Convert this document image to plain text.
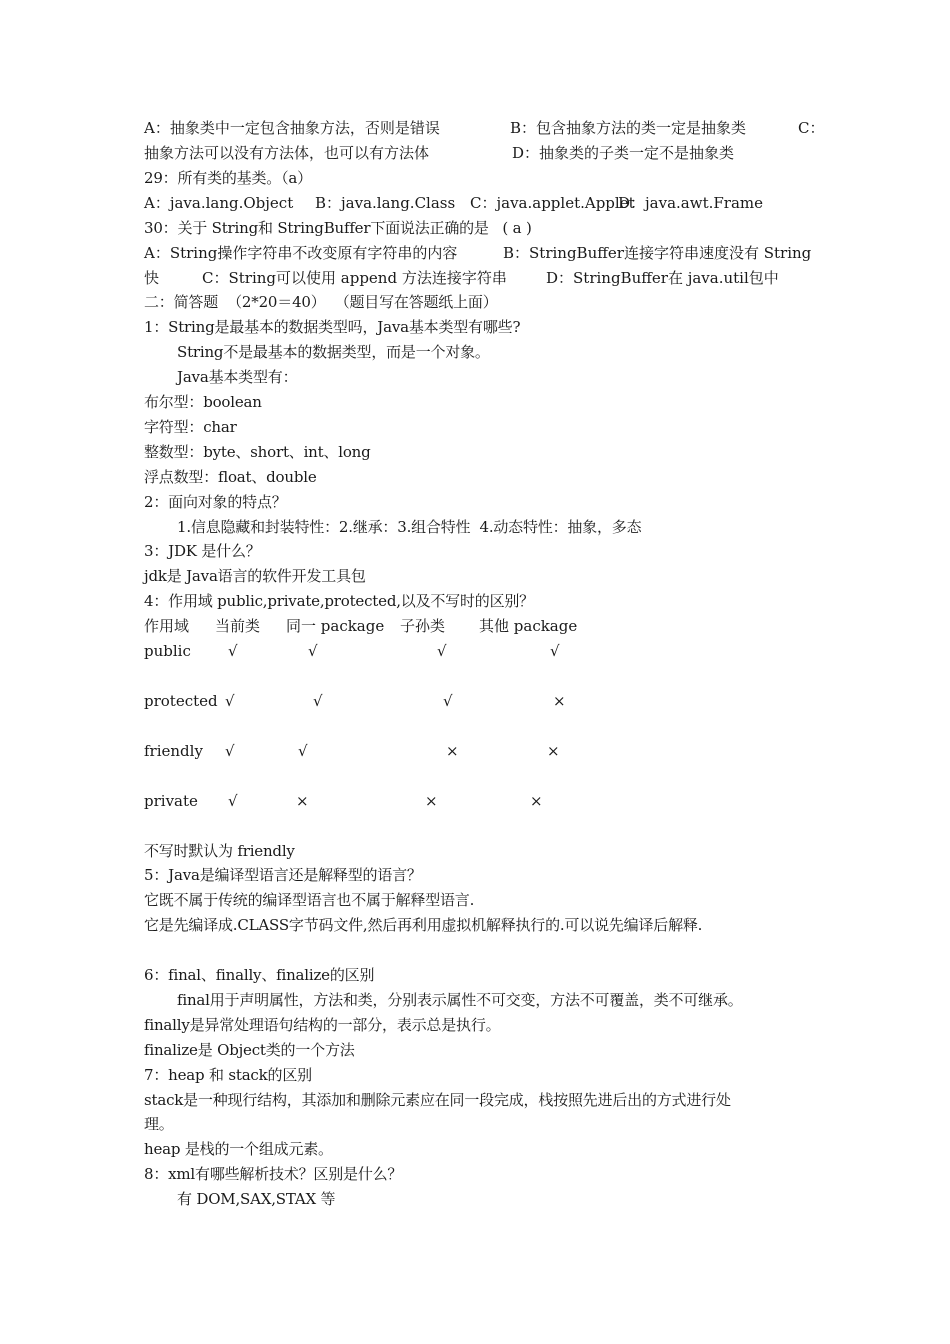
A：抽象类中一定包含抽象方法，否则是错误	B：包含抽象方法的类一定是抽象类	C：
抽象方法可以没有方法体，也可以有方法体	D：抽象类的子类一定不是抽象类
29：所有类的基类。（a）
A：java.lang.Object B：java.lang.Class C：java.applet.Applet
D：java.awt.Frame
30：关于 String和 StringBuffer下面说法正确的是   ( a )
A：String操作字符串不改变原有字符串的内容	B：StringBuffer连接字符串速度没有 String
快	C：String可以使用 append 方法连接字符串	D：StringBuffer在 java.util包中
二：简答题  （2*20＝40）  （题目写在答题纸上面）
1：String是最基本的数据类型吗，Java基本类型有哪些?
String不是最基本的数据类型，而是一个对象。
Java基本类型有：
布尔型：boolean
字符型：char
整数型：byte、short、int、long
浮点数型：float、double
2：面向对象的特点？
1.信息隐藏和封装特性：2.继承：3.组合特性  4.动态特性：抽象，多态
3：JDK 是什么？
jdk是 Java语言的软件开发工具包
4：作用域 public,private,protected,以及不写时的区别？
作用域 当前类 同一 package 子孙类 其他 package
public √	√	√	√
protected √	√	√	×
friendly √	√	×	×
private √	×	×	×
不写时默认为 friendly
5：Java是编译型语言还是解释型的语言？
它既不属于传统的编译型语言也不属于解释型语言.
它是先编译成.CLASS字节码文件,然后再利用虚拟机解释执行的.可以说先编译后解释.
6：final、finally、finalize的区别
final用于声明属性，方法和类，分别表示属性不可交变，方法不可覆盖，类不可继承。
finally是异常处理语句结构的一部分，表示总是执行。
finalize是 Object类的一个方法
7：heap 和 stack的区别
stack是一种现行结构，其添加和删除元素应在同一段完成，栈按照先进后出的方式进行处
理。
heap 是栈的一个组成元素。
8：xml有哪些解析技术？区别是什么？
有 DOM,SAX,STAX 等
